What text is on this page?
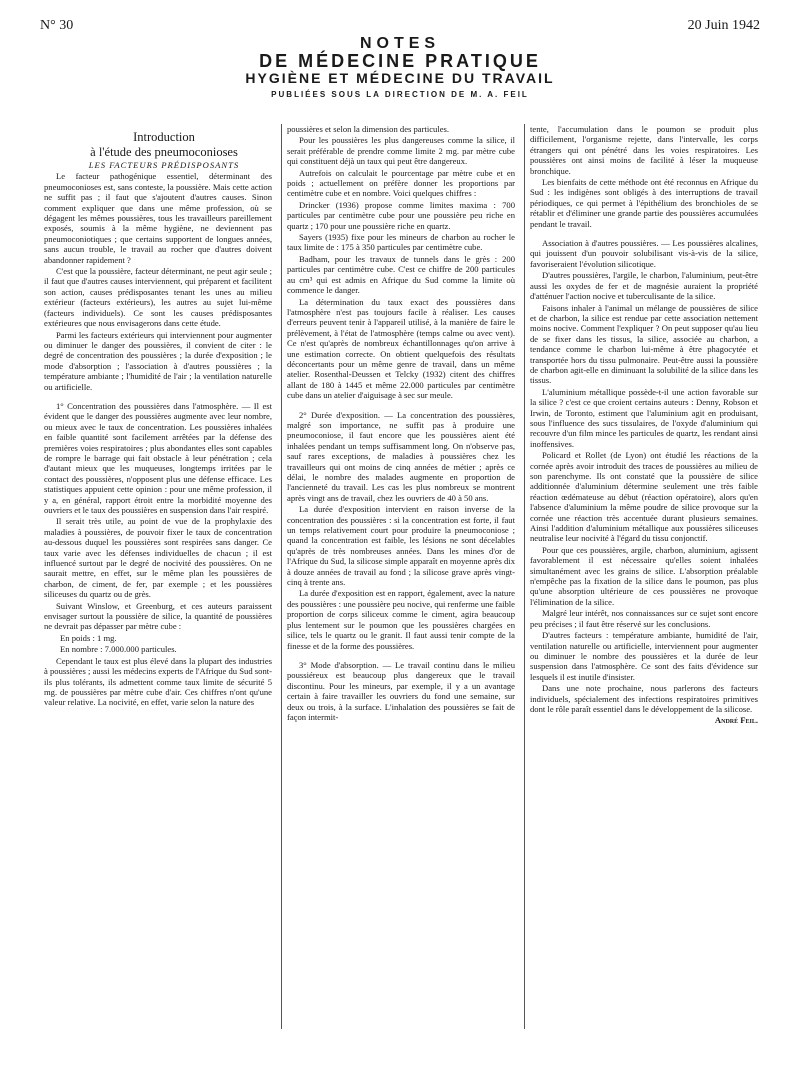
N° 30	20 Juin 1942
NOTES
DE MÉDECINE PRATIQUE
HYGIÈNE ET MÉDECINE DU TRAVAIL
PUBLIÉES SOUS LA DIRECTION DE M. A. FEIL

Introduction

à l'étude des pneumoconioses

LES FACTEURS PRÉDISPOSANTS

Le facteur pathogénique essentiel, déterminant des pneumoconioses est, sans conteste, la poussière. Mais cette action ne suffit pas ; il faut que s'ajoutent d'autres causes. Sinon comment expliquer que dans une même profession, où se dégagent les mêmes poussières, tous les travailleurs pareillement exposés, soumis à la même hygiène, ne deviennent pas pneumoconiotiques ; que certains supportent de longues années, sans aucun trouble, le travail au rocher que d'autres doivent abandonner rapidement ?

C'est que la poussière, facteur déterminant, ne peut agir seule ; il faut que d'autres causes interviennent, qui préparent et facilitent son action, causes prédisposantes tenant les unes au milieu extérieur (facteurs extérieurs), les autres au sujet lui-même (facteurs individuels). Ce sont les causes prédisposantes extérieures que nous envisagerons dans cette étude.

Parmi les facteurs extérieurs qui interviennent pour augmenter ou diminuer le danger des poussières, il convient de citer : le degré de concentration des poussières ; la durée d'exposition ; le mode d'absorption ; l'association à d'autres poussières ; la température ambiante ; l'humidité de l'air ; la ventilation naturelle ou artificielle.

1° Concentration des poussières dans l'atmosphère. — Il est évident que le danger des poussières augmente avec leur nombre, ou mieux avec le taux de concentration. Les poussières inhalées en faible quantité sont facilement arrêtées par la défense des premières voies respiratoires ; plus abondantes elles sont capables de rompre le barrage qui fait obstacle à leur pénétration ; cela d'autant mieux que les muqueuses, longtemps irritées par le contact des poussières, n'opposent plus une défense efficace. Les statistiques appuient cette opinion : pour une même profession, il y a, en général, rapport étroit entre la morbidité moyenne des ouvriers et le taux des poussières en suspension dans l'air respiré.

Il serait très utile, au point de vue de la prophylaxie des maladies à poussières, de pouvoir fixer le taux de concentration au-dessous duquel les poussières sont respirées sans danger. Ce taux varie avec les défenses individuelles de chacun ; il est influencé surtout par le degré de nocivité des poussières. On ne saurait mettre, en effet, sur le même plan les poussières de charbon, de ciment, de fer, par exemple ; et les poussières siliceuses du quartz ou de grès.

Suivant Winslow, et Greenburg, et ces auteurs paraissent envisager surtout la poussière de silice, la quantité de poussières ne devrait pas dépasser par mètre cube :

En poids : 1 mg.

En nombre : 7.000.000 particules.

Cependant le taux est plus élevé dans la plupart des industries à poussières ; aussi les médecins experts de l'Afrique du Sud sont-ils plus tolérants, ils admettent comme taux limite de sécurité 5 mg. de poussières par mètre cube d'air. Ces chiffres n'ont qu'une valeur relative. La nocivité, en effet, varie selon la nature des

poussières et selon la dimension des particules.

Pour les poussières les plus dangereuses comme la silice, il serait préférable de prendre comme limite 2 mg. par mètre cube qui constituent déjà un taux qui peut être dangereux.

Autrefois on calculait le pourcentage par mètre cube et en poids ; actuellement on préfère donner les proportions par centimètre cube et en nombre. Voici quelques chiffres :

Drincker (1936) propose comme limites maxima : 700 particules par centimètre cube pour une poussière peu riche en quartz ; 170 pour une poussière riche en quartz.

Sayers (1935) fixe pour les mineurs de charbon au rocher le taux limite de : 175 à 350 particules par centimètre cube.

Badham, pour les travaux de tunnels dans le grès : 200 particules par centimètre cube. C'est ce chiffre de 200 particules au cm³ qui est admis en Afrique du Sud comme la limite où commence le danger.

La détermination du taux exact des poussières dans l'atmosphère n'est pas toujours facile à réaliser. Les causes d'erreurs peuvent tenir à l'appareil utilisé, à la manière de faire le prélèvement, à l'état de l'atmosphère (temps calme ou avec vent). Ce n'est qu'après de nombreux échantillonnages qu'on arrive à une estimation correcte. On obtient quelquefois des résultats déconcertants pour un même genre de travail, dans un même atelier. Rosenthal-Deussen et Telcky (1932) citent des chiffres allant de 180 à 1445 et même 22.000 particules par centimètre cube dans un atelier d'aiguisage à sec sur meule.

2° Durée d'exposition. — La concentration des poussières, malgré son importance, ne suffit pas à produire une pneumoconiose, il faut encore que les poussières aient été inhalées pendant un temps suffisamment long. On n'observe pas, sauf rares exceptions, de maladies à poussières chez les travailleurs qui ont moins de cinq années de métier ; après ce délai, le nombre des malades augmente en proportion de l'ancienneté du travail. Les cas les plus nombreux se montrent après vingt ans de travail, chez les ouvriers de 40 à 50 ans.

La durée d'exposition intervient en raison inverse de la concentration des poussières : si la concentration est forte, il faut un temps relativement court pour produire la pneumoconiose ; quand la concentration est faible, les lésions ne sont décelables qu'après de très nombreuses années. Dans les mines d'or de l'Afrique du Sud, la silicose simple apparaît en moyenne après dix à douze années de travail au fond ; la silicose grave après vingt-cinq à trente ans.

La durée d'exposition est en rapport, également, avec la nature des poussières : une poussière peu nocive, qui renferme une faible proportion de corps siliceux comme le ciment, agira beaucoup plus lentement sur le poumon que les poussières chargées en silice, tels le quartz ou le granit. Il faut aussi tenir compte de la finesse et de la forme des poussières.

3° Mode d'absorption. — Le travail continu dans le milieu poussiéreux est beaucoup plus dangereux que le travail discontinu. Pour les mineurs, par exemple, il y a un avantage certain à faire travailler les ouvriers du fond une semaine, sur deux ou trois, à la surface. L'inhalation des poussières se fait de façon intermit-

tente, l'accumulation dans le poumon se produit plus difficilement, l'organisme rejette, dans l'intervalle, les corps étrangers qui ont pénétré dans les voies respiratoires. Les poussières ont ainsi moins de facilité à léser la muqueuse bronchique.

Les bienfaits de cette méthode ont été reconnus en Afrique du Sud : les indigènes sont obligés à des interruptions de travail périodiques, ce qui permet à l'épithélium des bronchioles de se rétablir et d'éliminer une grande partie des poussières accumulées pendant le travail.

Association à d'autres poussières. — Les poussières alcalines, qui jouissent d'un pouvoir solubilisant vis-à-vis de la silice, favoriseraient l'évolution silicotique.

D'autres poussières, l'argile, le charbon, l'aluminium, peut-être aussi les oxydes de fer et de magnésie auraient la propriété d'atténuer l'action nocive et tuberculisante de la silice.

Faisons inhaler à l'animal un mélange de poussières de silice et de charbon, la silice est rendue par cette association nettement moins nocive. Comment l'expliquer ? On peut supposer qu'au lieu de se fixer dans les tissus, la silice, associée au charbon, a tendance comme le charbon lui-même à être phagocytée et transportée hors du tissu pulmonaire. Peut-être aussi la poussière de charbon agit-elle en diminuant la solubilité de la silice dans les tissus.

L'aluminium métallique possède-t-il une action favorable sur la silice ? c'est ce que croient certains auteurs : Denny, Robson et Irwin, de Toronto, estiment que l'aluminium agit en produisant, sous l'influence des sucs tissulaires, de l'oxyde d'aluminium qui recouvre d'un film mince les particules de quartz, les rendant ainsi inoffensives.

Policard et Rollet (de Lyon) ont étudié les réactions de la cornée après avoir introduit des traces de poussières au milieu de son parenchyme. Ils ont constaté que la poussière de silice additionnée d'aluminium détermine seulement une très faible réaction œdémateuse au début (réaction opératoire), alors qu'en l'absence d'aluminium la même poudre de silice provoque sur la cornée une réaction très accentuée durant plusieurs semaines. Ainsi l'addition d'aluminium métallique aux poussières siliceuses neutralise leur nocivité à l'égard du tissu conjonctif.

Pour que ces poussières, argile, charbon, aluminium, agissent favorablement il est nécessaire qu'elles soient inhalées simultanément avec les grains de silice. L'absorption préalable n'empêche pas la fixation de la silice dans le poumon, pas plus qu'une absorption ultérieure de ces poussières ne provoque l'élimination de la silice.

Malgré leur intérêt, nos connaissances sur ce sujet sont encore peu précises ; il faut être réservé sur les conclusions.

D'autres facteurs : température ambiante, humidité de l'air, ventilation naturelle ou artificielle, interviennent pour augmenter ou diminuer le nombre des poussières et la durée de leur suspension dans l'atmosphère. Ce sont des faits d'évidence sur lesquels il est inutile d'insister.

Dans une note prochaine, nous parlerons des facteurs individuels, spécialement des infections respiratoires primitives dont le rôle paraît essentiel dans le développement de la silicose.

André Feil.
